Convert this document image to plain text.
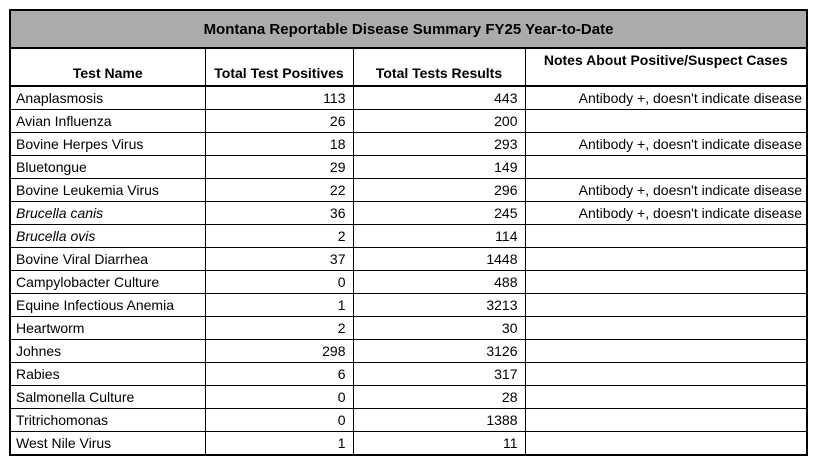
Montana Reportable Disease Summary FY25 Year-to-Date			
Test Name	Total Test Positives	Total Tests Results	Notes About Positive/Suspect Cases
Anaplasmosis	113	443	Antibody +, doesn't indicate disease
Avian Influenza	26	200	
Bovine Herpes Virus	18	293	Antibody +, doesn't indicate disease
Bluetongue	29	149	
Bovine Leukemia Virus	22	296	Antibody +, doesn't indicate disease
Brucella canis	36	245	Antibody +, doesn't indicate disease
Brucella ovis	2	114	
Bovine Viral Diarrhea	37	1448	
Campylobacter Culture	0	488	
Equine Infectious Anemia	1	3213	
Heartworm	2	30	
Johnes	298	3126	
Rabies	6	317	
Salmonella Culture	0	28	
Tritrichomonas	0	1388	
West Nile Virus	1	11	
